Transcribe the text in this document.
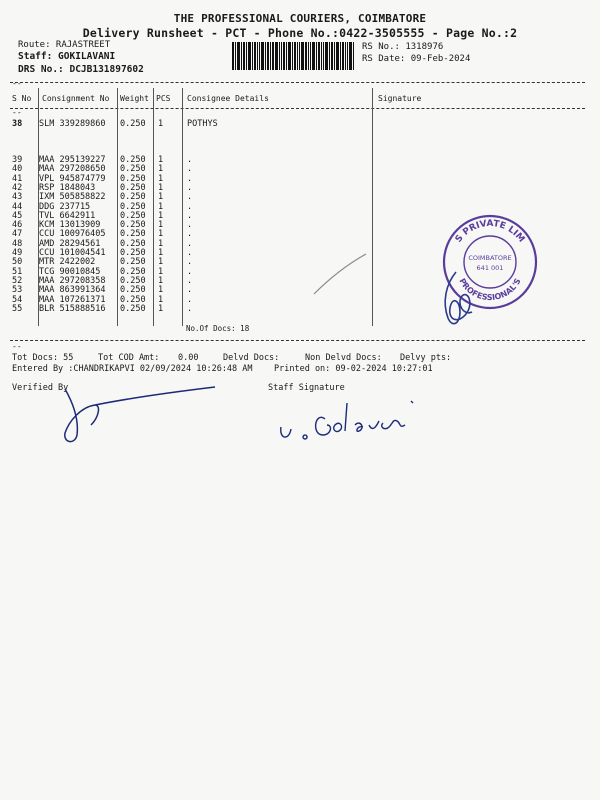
THE PROFESSIONAL COURIERS, COIMBATORE
Delivery Runsheet - PCT - Phone No.:0422-3505555 - Page No.:2
Route: RAJASTREET
Staff: GOKILAVANI
DRS No.: DCJB131897602
RS No.: 1318976
RS Date: 09-Feb-2024
--
S No Consignment No Weight PCS Consignee Details	Signature
--
38 SLM 339289860 0.250 1	POTHYS
39 MAA 295139227 0.250 1	.
40 MAA 297208650 0.250 1	.
41 VPL 945874779 0.250 1	.
42 RSP 1848043	0.250 1	.
43 IXM 505858822 0.250 1	.
44 DDG 237715	0.250 1	.
45 TVL 6642911	0.250 1	.
46 KCM 13013909 0.250 1	.
47 CCU 100976405 0.250 1	.
48 AMD 28294561 0.250 1	.
49 CCU 101004541 0.250 1	.
50 MTR 2422002	0.250 1	.
51 TCG 90010845 0.250 1	.
52 MAA 297208358 0.250 1	.
53 MAA 863991364 0.250 1	.
54 MAA 107261371 0.250 1	.
55 BLR 515888516 0.250 1	.
No.Of Docs: 18
--
Tot Docs: 55	Tot COD Amt: 0.00	Delvd Docs:	Non Delvd Docs: Delvy pts:
Entered By :CHANDRIKAPVI 02/09/2024 10:26:48 AM	Printed on: 09-02-2024 10:27:01
Verified By	Staff Signature
S PRIVATE LIM
PROFESSIONAL'S
COIMBATORE
641 001
